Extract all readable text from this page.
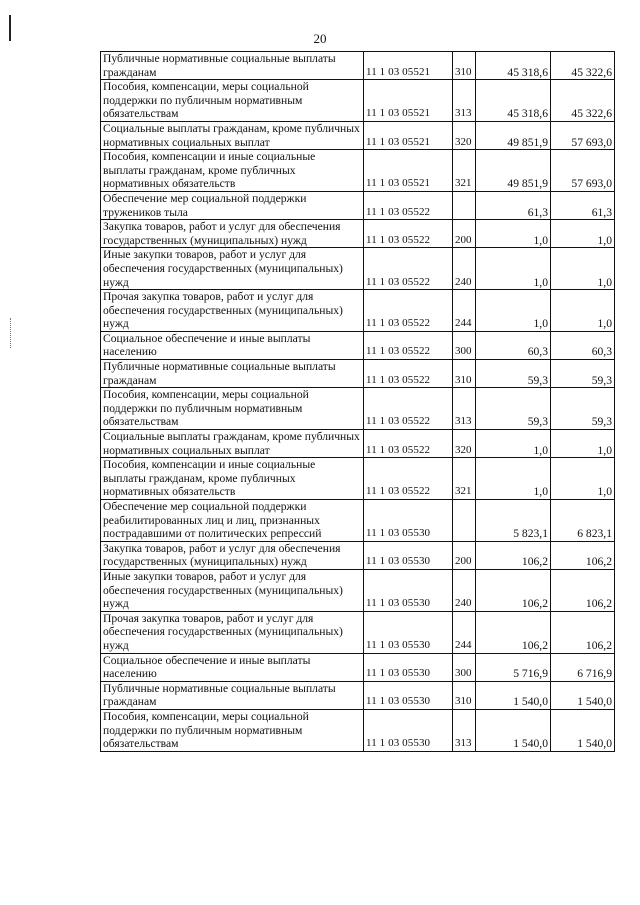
20
Публичные нормативные социальные выплаты гражданам	11 1 03 05521	310	45 318,6	45 322,6
Пособия, компенсации, меры социальной поддержки по публичным нормативным обязательствам	11 1 03 05521	313	45 318,6	45 322,6
Социальные выплаты гражданам, кроме публичных нормативных социальных выплат	11 1 03 05521	320	49 851,9	57 693,0
Пособия, компенсации и иные социальные выплаты гражданам, кроме публичных нормативных обязательств	11 1 03 05521	321	49 851,9	57 693,0
Обеспечение мер социальной поддержки тружеников тыла	11 1 03 05522		61,3	61,3
Закупка товаров, работ и услуг для обеспечения государственных (муниципальных) нужд	11 1 03 05522	200	1,0	1,0
Иные закупки товаров, работ и услуг для обеспечения государственных (муниципальных) нужд	11 1 03 05522	240	1,0	1,0
Прочая закупка товаров, работ и услуг для обеспечения государственных (муниципальных) нужд	11 1 03 05522	244	1,0	1,0
Социальное обеспечение и иные выплаты населению	11 1 03 05522	300	60,3	60,3
Публичные нормативные социальные выплаты гражданам	11 1 03 05522	310	59,3	59,3
Пособия, компенсации, меры социальной поддержки по публичным нормативным обязательствам	11 1 03 05522	313	59,3	59,3
Социальные выплаты гражданам, кроме публичных нормативных социальных выплат	11 1 03 05522	320	1,0	1,0
Пособия, компенсации и иные социальные выплаты гражданам, кроме публичных нормативных обязательств	11 1 03 05522	321	1,0	1,0
Обеспечение мер социальной поддержки реабилитированных лиц и лиц, признанных пострадавшими от политических репрессий	11 1 03 05530		5 823,1	6 823,1
Закупка товаров, работ и услуг для обеспечения государственных (муниципальных) нужд	11 1 03 05530	200	106,2	106,2
Иные закупки товаров, работ и услуг для обеспечения государственных (муниципальных) нужд	11 1 03 05530	240	106,2	106,2
Прочая закупка товаров, работ и услуг для обеспечения государственных (муниципальных) нужд	11 1 03 05530	244	106,2	106,2
Социальное обеспечение и иные выплаты населению	11 1 03 05530	300	5 716,9	6 716,9
Публичные нормативные социальные выплаты гражданам	11 1 03 05530	310	1 540,0	1 540,0
Пособия, компенсации, меры социальной поддержки по публичным нормативным обязательствам	11 1 03 05530	313	1 540,0	1 540,0
